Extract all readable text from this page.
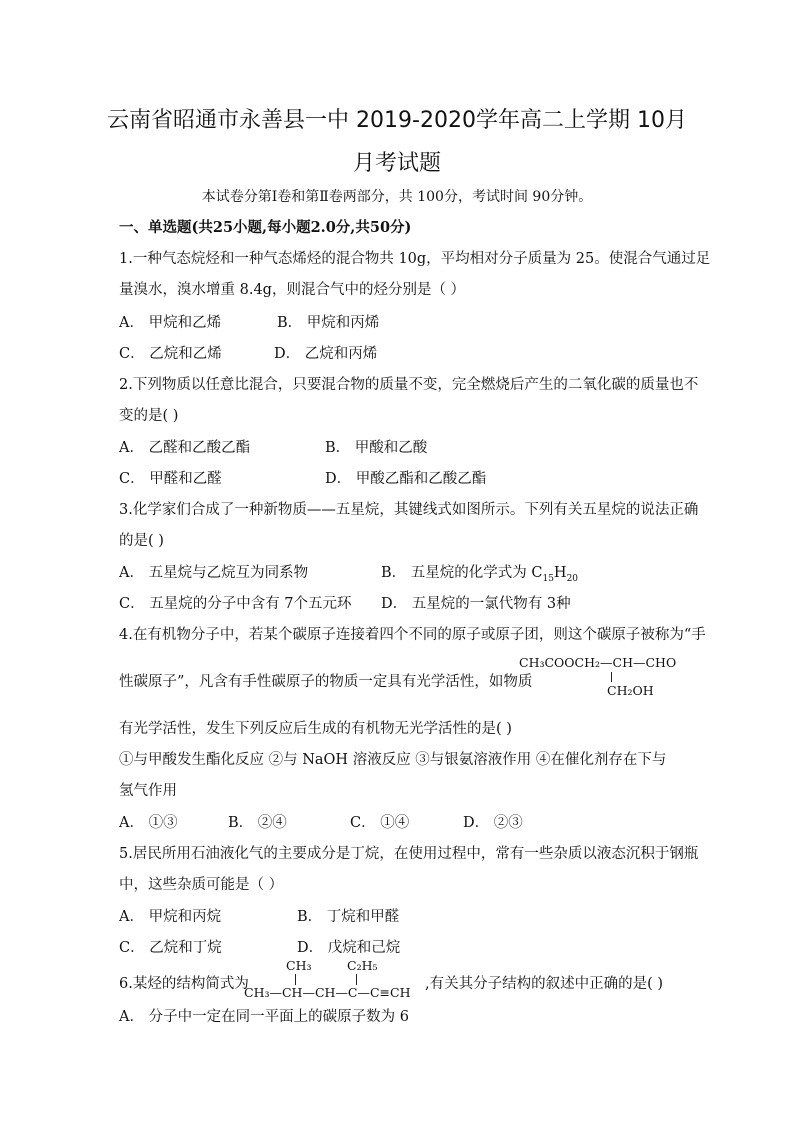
云南省昭通市永善县一中 2019-2020学年高二上学期 10月
月考试题
本试卷分第Ⅰ卷和第Ⅱ卷两部分，共 100分，考试时间 90分钟。
一、单选题(共25小题,每小题2.0分,共50分)
1.一种气态烷烃和一种气态烯烃的混合物共 10g，平均相对分子质量为 25。使混合气通过足
量溴水，溴水增重 8.4g，则混合气中的烃分别是（ ）
A． 甲烷和乙烯	B． 甲烷和丙烯
C． 乙烷和乙烯	D． 乙烷和丙烯
2.下列物质以任意比混合，只要混合物的质量不变，完全燃烧后产生的二氧化碳的质量也不
变的是( )
A． 乙醛和乙酸乙酯	B． 甲酸和乙酸
C． 甲醛和乙醛	D． 甲酸乙酯和乙酸乙酯
3.化学家们合成了一种新物质——五星烷，其键线式如图所示。下列有关五星烷的说法正确
的是( )
A． 五星烷与乙烷互为同系物	B． 五星烷的化学式为 $C_{15}H_{20}$
C． 五星烷的分子中含有 7个五元环 D． 五星烷的一氯代物有 3种
4.在有机物分子中，若某个碳原子连接着四个不同的原子或原子团，则这个碳原子被称为“手
性碳原子”，凡含有手性碳原子的物质一定具有光学活性，如物质
CH₃COOCH₂—CH—CHO
CH₂OH
有光学活性，发生下列反应后生成的有机物无光学活性的是( )
①与甲酸发生酯化反应 ②与 NaOH 溶液反应 ③与银氨溶液作用 ④在催化剂存在下与
氢气作用
A． ①③	B． ②④	C． ①④	D． ②③
5.居民所用石油液化气的主要成分是丁烷，在使用过程中，常有一些杂质以液态沉积于钢瓶
中，这些杂质可能是（ ）
A． 甲烷和丙烷	B． 丁烷和甲醛
C． 乙烷和丁烷	D． 戊烷和己烷
6.某烃的结构简式为
CH₃	C₂H₅
CH₃—CH—CH—C—C≡CH
,有关其分子结构的叙述中正确的是( )
A． 分子中一定在同一平面上的碳原子数为 6
